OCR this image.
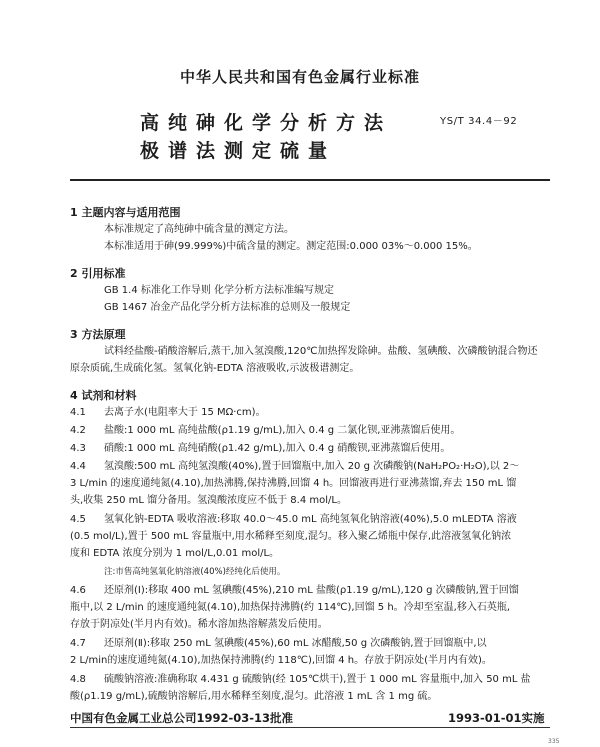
中华人民共和国有色金属行业标准
高纯砷化学分析方法
极谱法测定硫量
YS/T 34.4－92
1 主题内容与适用范围
本标准规定了高纯砷中硫含量的测定方法。
本标准适用于砷(99.999%)中硫含量的测定。测定范围:0.000 03%～0.000 15%。
2 引用标准
GB 1.4 标准化工作导则 化学分析方法标准编写规定
GB 1467 冶金产品化学分析方法标准的总则及一般规定
3 方法原理
试料经盐酸-硝酸溶解后,蒸干,加入氢溴酸,120℃加热挥发除砷。盐酸、氢碘酸、次磷酸钠混合物还
原杂质硫,生成硫化氢。氢氧化钠-EDTA 溶液吸收,示波极谱测定。
4 试剂和材料
4.1 去离子水(电阻率大于 15 MΩ·cm)。
4.2 盐酸:1 000 mL 高纯盐酸(ρ1.19 g/mL),加入 0.4 g 二氯化钡,亚沸蒸馏后使用。
4.3 硝酸:1 000 mL 高纯硝酸(ρ1.42 g/mL),加入 0.4 g 硝酸钡,亚沸蒸馏后使用。
4.4 氢溴酸:500 mL 高纯氢溴酸(40%),置于回馏瓶中,加入 20 g 次磷酸钠(NaH₂PO₂·H₂O),以 2～
3 L/min 的速度通纯氮(4.10),加热沸腾,保持沸腾,回馏 4 h。回馏液再进行亚沸蒸馏,弃去 150 mL 馏
头,收集 250 mL 馏分备用。氢溴酸浓度应不低于 8.4 mol/L。
4.5 氢氧化钠-EDTA 吸收溶液:移取 40.0～45.0 mL 高纯氢氧化钠溶液(40%),5.0 mLEDTA 溶液
(0.5 mol/L),置于 500 mL 容量瓶中,用水稀释至刻度,混匀。移入聚乙烯瓶中保存,此溶液氢氧化钠浓
度和 EDTA 浓度分别为 1 mol/L,0.01 mol/L。
注:市售高纯氢氧化钠溶液(40%)经纯化后使用。
4.6 还原剂(Ⅰ):移取 400 mL 氢碘酸(45%),210 mL 盐酸(ρ1.19 g/mL),120 g 次磷酸钠,置于回馏
瓶中,以 2 L/min 的速度通纯氮(4.10),加热保持沸腾(约 114℃),回馏 5 h。冷却至室温,移入石英瓶,
存放于阴凉处(半月内有效)。稀水溶加热溶解蒸发后使用。
4.7 还原剂(Ⅱ):移取 250 mL 氢碘酸(45%),60 mL 冰醋酸,50 g 次磷酸钠,置于回馏瓶中,以
2 L/min的速度通纯氮(4.10),加热保持沸腾(约 118℃),回馏 4 h。存放于阴凉处(半月内有效)。
4.8 硫酸钠溶液:准确称取 4.431 g 硫酸钠(经 105℃烘干),置于 1 000 mL 容量瓶中,加入 50 mL 盐
酸(ρ1.19 g/mL),硫酸钠溶解后,用水稀释至刻度,混匀。此溶液 1 mL 含 1 mg 硫。
中国有色金属工业总公司1992-03-13批准	1993-01-01实施
335
